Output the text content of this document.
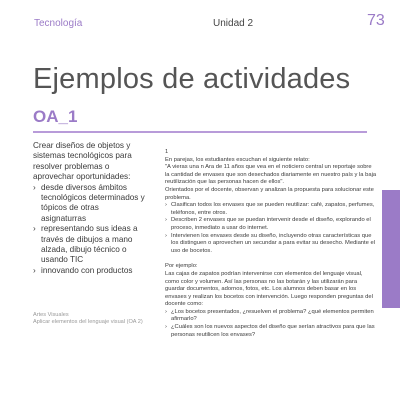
Tecnología	Unidad 2	73
Ejemplos de actividades
OA_1

Crear diseños de objetos y sistemas tecnológicos para resolver problemas o aprovechar oportunidades:

› desde diversos ámbitos tecnológicos determinados y tópicos de otras asignaturras
› representando sus ideas a través de dibujos a mano alzada, dibujo técnico o usando TIC
› innovando con productos

Artes Visuales

Aplicar elementos del lenguaje visual (OA 2)

1

En parejas, los estudiantes escuchan el siguiente relato:

"A vieras una n Ara de 11 años que vea en el noticiero central un reportaje sobre la cantidad de envases que son desechados diariamente en nuestro país y la baja reutilización que las personas hacen de ellos".

Orientados por el docente, observan y analizan la propuesta para solucionar este problema.

› Clasifican todos los envases que se pueden reutilizar: café, zapatos, perfumes, teléfonos, entre otros.
› Describen 2 envases que se puedan intervenir desde el diseño, explorando el proceso, inmediato a usar do internet.
› Intervienen los envases desde su diseño, incluyendo otras características que los distinguen o aprovechen un secundar a para evitar su desecho. Mediante el uso de bocetos.

Por ejemplo:

Las cajas de zapatos podrían intervenirse con elementos del lenguaje visual, como color y volumen. Así las personas no las botarán y las utilizarán para guardar documentos, adornos, fotos, etc. Los alumnos deben basar en los envases y realizan los bocetos con intervención. Luego responden preguntas del docente como:

› ¿Los bocetos presentados, ¿resuelven el problema? ¿qué elementos permiten afirmarlo?
› ¿Cuáles son los nuevos aspectos del diseño que serían atractivos para que las personas reutilicen los envases?
